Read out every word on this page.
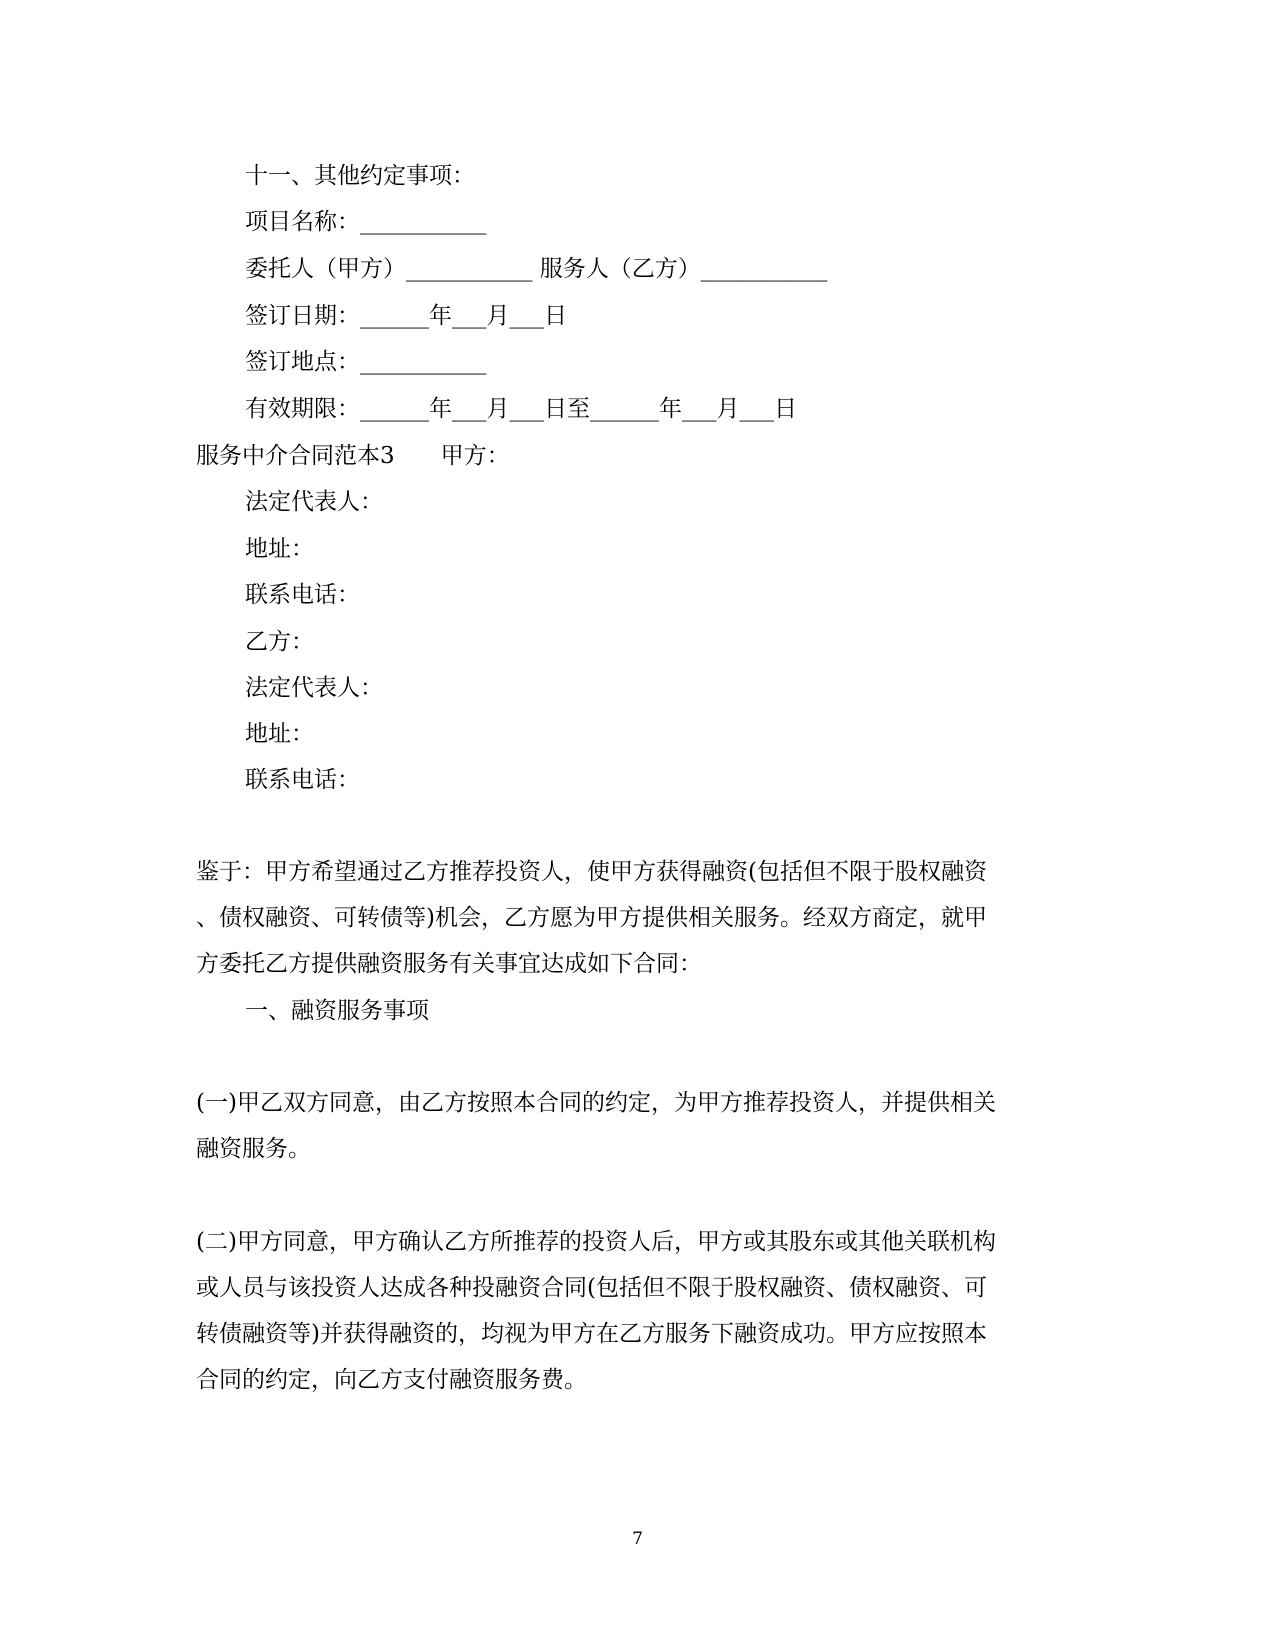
十一、其他约定事项：
项目名称：___________
委托人（甲方）___________ 服务人（乙方）___________
签订日期：______年___月___日
签订地点：___________
有效期限：______年___月___日至______年___月___日
服务中介合同范本3　　甲方：
法定代表人：
地址：
联系电话：
乙方：
法定代表人：
地址：
联系电话：
鉴于：甲方希望通过乙方推荐投资人，使甲方获得融资(包括但不限于股权融资
、债权融资、可转债等)机会，乙方愿为甲方提供相关服务。经双方商定，就甲
方委托乙方提供融资服务有关事宜达成如下合同：
一、融资服务事项
(一)甲乙双方同意，由乙方按照本合同的约定，为甲方推荐投资人，并提供相关
融资服务。
(二)甲方同意，甲方确认乙方所推荐的投资人后，甲方或其股东或其他关联机构
或人员与该投资人达成各种投融资合同(包括但不限于股权融资、债权融资、可
转债融资等)并获得融资的，均视为甲方在乙方服务下融资成功。甲方应按照本
合同的约定，向乙方支付融资服务费。
7
